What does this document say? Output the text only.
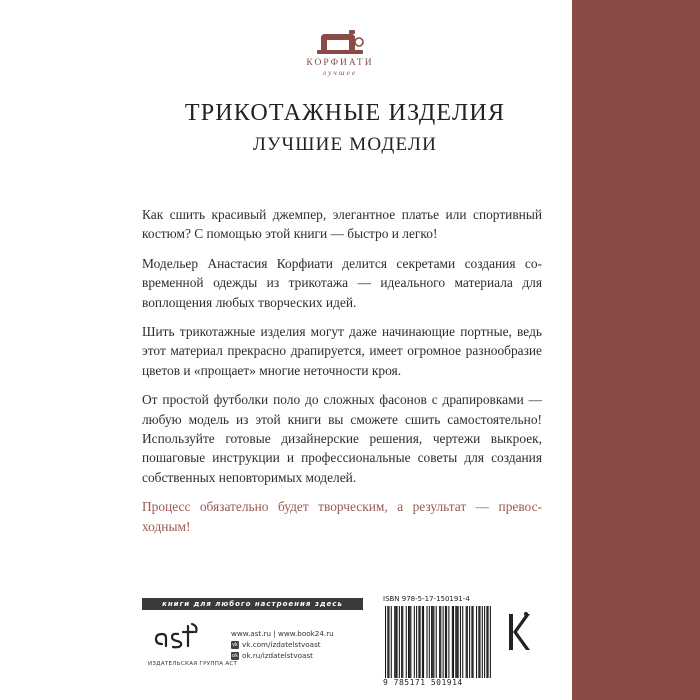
КОРФИАТИ
лучшее
ТРИКОТАЖНЫЕ ИЗДЕЛИЯ
ЛУЧШИЕ МОДЕЛИ

Как сшить красивый джемпер, элегантное платье или спортивный костюм? С помощью этой книги — быстро и легко!

Модельер Анастасия Корфиати делится секретами создания современной одежды из трикотажа — идеального материала для воплощения любых творческих идей.

Шить трикотажные изделия могут даже начинающие портные, ведь этот материал прекрасно драпируется, имеет огромное разнообразие цветов и «прощает» многие неточности кроя.

От простой футболки поло до сложных фасонов с драпировками — любую модель из этой книги вы сможете сшить самостоятельно! Используйте готовые дизайнерские решения, чертежи выкроек, пошаговые инструкции и профессиональные советы для создания собственных неповторимых моделей.

Процесс обязательно будет творческим, а результат — превосходным!

книги для любого настроения здесь
ИЗДАТЕЛЬСКАЯ ГРУППА АСТ
www.ast.ru | www.book24.ru
vk vk.com/izdatelstvoast
ok ok.ru/izdatelstvoast
ISBN 978-5-17-150191-4
9 785171 501914
